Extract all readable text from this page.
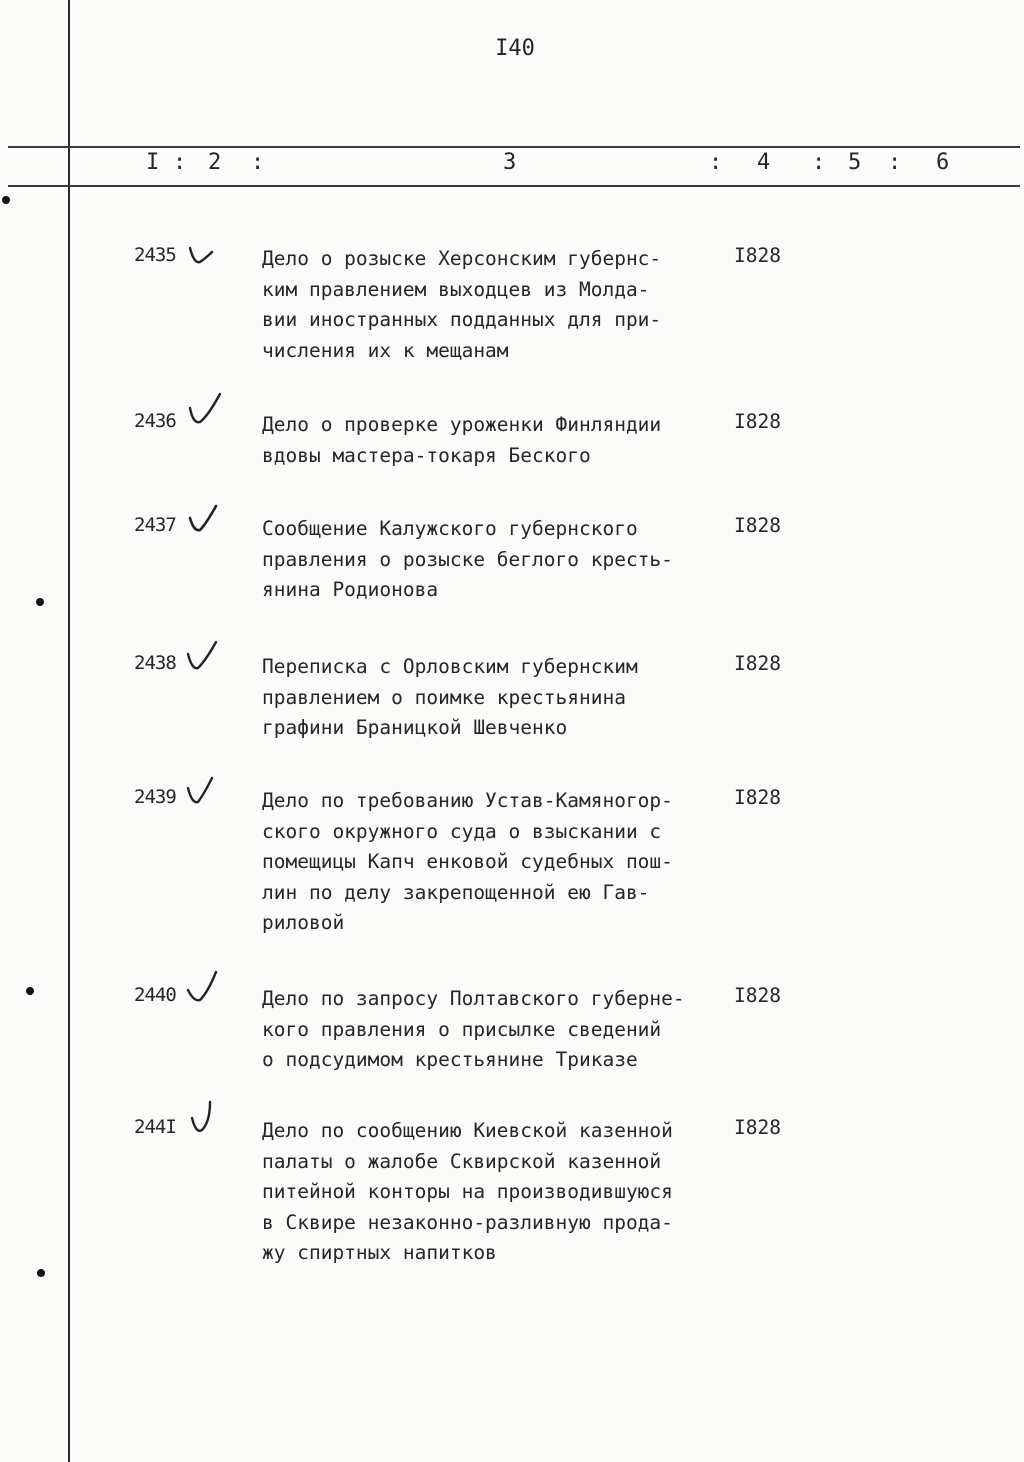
I40
I : 2 :	3	: 4 : 5 : 6
2435	Дело о розыске Херсонским губернс-
ким правлением выходцев из Молда-
вии иностранных подданных для при-
числения их к мещанам
I828
2436	Дело о проверке уроженки Финляндии
вдовы мастера-токаря Беского
I828
2437	Сообщение Калужского губернского
правления о розыске беглого кресть-
янина Родионова
I828
2438	Переписка с Орловским губернским
правлением о поимке крестьянина
графини Браницкой Шевченко
I828
2439	Дело по требованию Устав-Камяногор-
ского окружного суда о взыскании с
помещицы Капч енковой судебных пош-
лин по делу закрепощенной ею Гав-
риловой
I828
2440	Дело по запросу Полтавского губерне-
кого правления о присылке сведений
о подсудимом крестьянине Триказе
I828
244I	Дело по сообщению Киевской казенной
палаты о жалобе Сквирской казенной
питейной конторы на производившуюся
в Сквире незаконно-разливную прода-
жу спиртных напитков
I828
